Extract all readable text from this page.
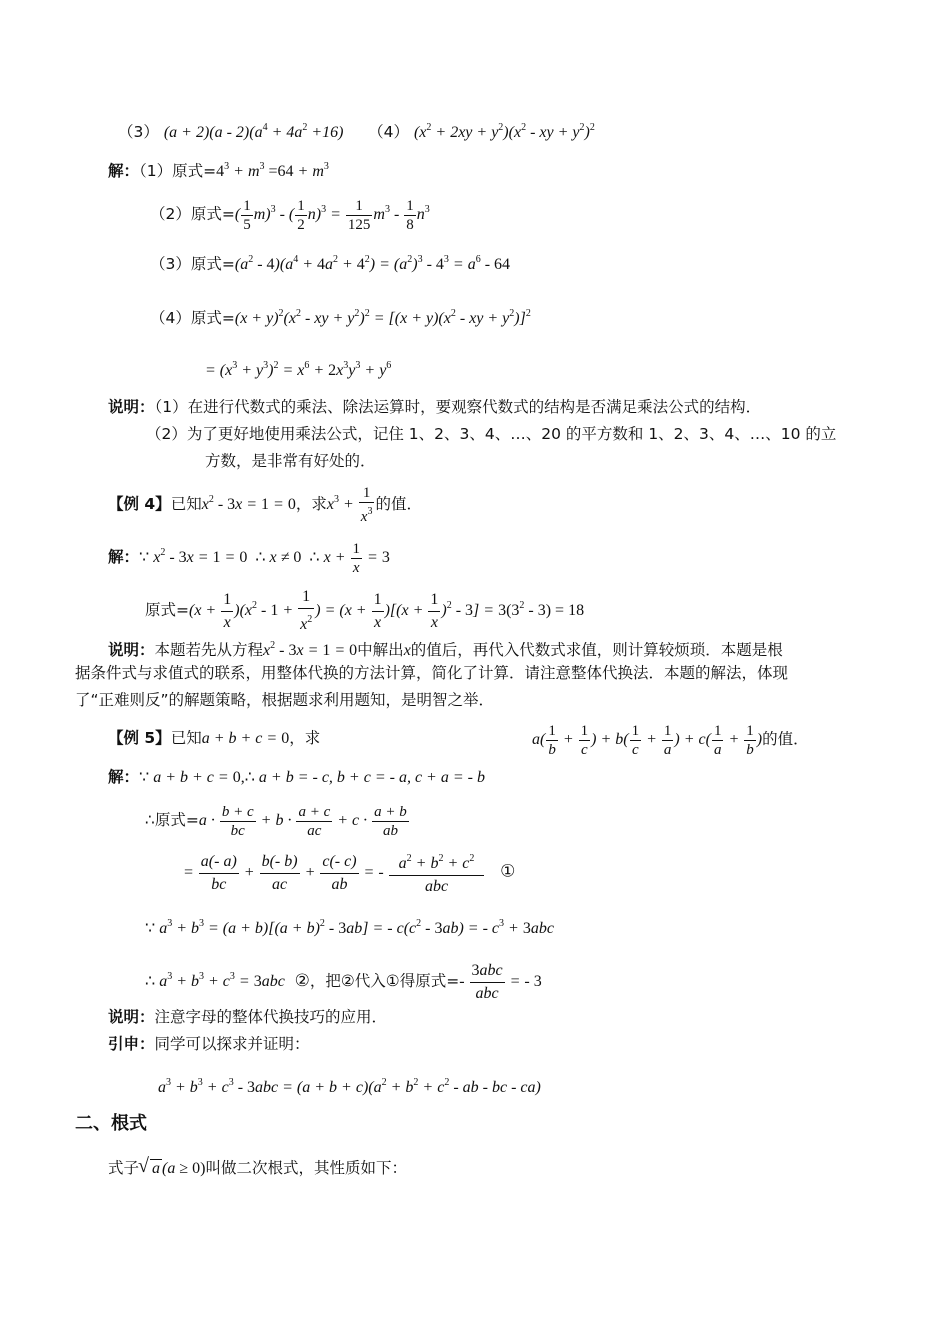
（3） $(a + 2)(a - 2)(a^4 + 4a^2 +16)$ （4） $(x^2 + 2xy + y^2)(x^2$ - xy + $y^2)^2$
解：（1）原式$=4^3 + m^3 =64 + m^3$
（2）原式=( $\frac{1}{5} m)^3$ - ( $\frac{1}{2} n)^3 = \frac{1}{125} m^3 - \frac{1}{8} n^3$
（3）原式$=(a^2 - 4)(a^4 + 4a^2 + 4^2) = (a^2)^3 - 4^3 = a^6 - 64$
（4）原式$=(x + y)^2(x^2$ - xy + $y^2)^2 = [(x + y)(x^2$ - xy + $y^2)]^2$
= $(x^3 + y^3)^2 = x^6 + 2x^3y^3 + y^6$
说明：（1）在进行代数式的乘法、除法运算时，要观察代数式的结构是否满足乘法公式的结构．
（2）为了更好地使用乘法公式，记住 1、2、3、4、…、20 的平方数和 1、2、3、4、…、10 的立
方数，是非常有好处的．
【例 4】已知$x^2 - 3x = 1 = 0$，求$x^3 + \frac{1}{x^3}$ 的值．
解：∵ $x^2 - 3x = 1 = 0$ ∴ x ≠ 0 ∴ $x + \frac{1}{x} = 3$
原式$=(x + \frac{1}{x} )(x^2 - 1 + \frac{1}{x^2}$ ) = $(x + \frac{1}{x} )[(x + \frac{1}{x} )^2 - 3] = 3(3^2 - 3) = 18$
说明：本题若先从方程$x^2 - 3x = 1 = 0$中解出x的值后，再代入代数式求值，则计算较烦琐．本题是根
据条件式与求值式的联系，用整体代换的方法计算，简化了计算．请注意整体代换法．本题的解法，体现
了“正难则反”的解题策略，根据题求利用题知，是明智之举．
【例 5】已知a + b + c = 0，求	$a( \frac{1}{b} + \frac{1}{c}$ ) + $b( \frac{1}{c} + \frac{1}{a}$ ) + $c( \frac{1}{a} + \frac{1}{b}$ )的值．
解：∵ a + b + c = 0,∴ a + b = - c, b + c = - a, c + a = - b
∴原式$=a \cdot \frac{b + c}{bc} + b \cdot \frac{a + c}{ac} + c \cdot \frac{a + b}{ab}$
= $\frac{a(- a)}{bc} + \frac{b(- b)}{ac} + \frac{c(- c)}{ab}$ = - $\frac{a^2 + b^2 + c^2}{\text{abc}}$ ①
∵ $a^3 + b^3 = (a + b)[(a + b)^2 - 3ab]$ = - $c(c^2 - 3ab)$ = - $c^3 + 3abc$
∴ $a^3 + b^3 + c^3 = 3abc$ ②，把②代入①得原式=- $\frac{\text{3abc}}{\text{abc}}$ = - 3
说明：注意字母的整体代换技巧的应用．
引申：同学可以探求并证明：
$a^3 + b^3 + c^3 - 3abc = (a + b + c)(a^2 + b^2 + c^2$ - ab - bc - ca)
二、根式
式子√ a (a ≥ 0)叫做二次根式，其性质如下：
